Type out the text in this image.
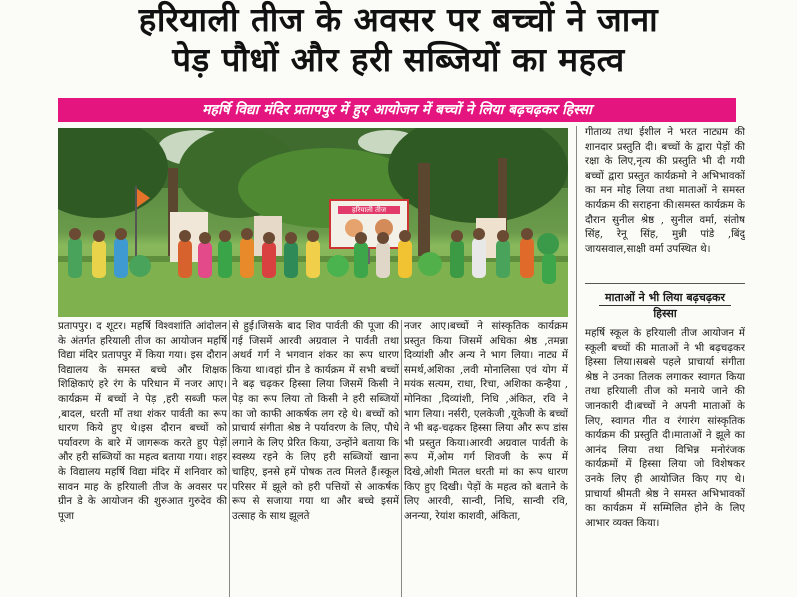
हरियाली तीज के अवसर पर बच्चों ने जाना
पेड़ पौधों और हरी सब्जियों का महत्व
महर्षि विद्या मंदिर प्रतापपुर में हुए आयोजन में बच्चों ने लिया बढ़चढ़कर हिस्सा
हरियाली तीज

प्रतापपुर। द शूटर। महर्षि विश्वशांति आंदोलन के अंतर्गत हरियाली तीज का आयोजन महर्षि विद्या मंदिर प्रतापपुर में किया गया। इस दौरान विद्यालय के समस्त बच्चे और शिक्षक शिक्षिकाएं हरे रंग के परिधान में नजर आए।कार्यक्रम में बच्चों ने पेड़ ,हरी सब्जी फल ,बादल, धरती माँ तथा शंकर पार्वती का रूप धारण किये हुए थे।इस दौरान बच्चों को पर्यावरण के बारे में जागरूक करते हुए पेड़ों और हरी सब्जियों का महत्व बताया गया। शहर के विद्यालय महर्षि विद्या मंदिर में शनिवार को सावन माह के हरियाली तीज के अवसर पर ग्रीन डे के आयोजन की शुरुआत गुरुदेव की पूजा

से हुई।जिसके बाद शिव पार्वती की पूजा की गई जिसमें आरवी अग्रवाल ने पार्वती तथा अथर्व गर्ग ने भगवान शंकर का रूप धारण किया था।वहां ग्रीन डे कार्यक्रम में सभी बच्चों ने बढ़ चढ़कर हिस्सा लिया जिसमें किसी ने पेड़ का रूप लिया तो किसी ने हरी सब्जियों का जो काफी आकर्षक लग रहे थे। बच्चों को प्राचार्य संगीता श्रेष्ठ ने पर्यावरण के लिए, पौधे लगाने के लिए प्रेरित किया, उन्होंने बताया कि स्वस्थ्य रहने के लिए हरी सब्जियों खाना चाहिए, इनसे हमें पोषक तत्व मिलते हैं।स्कूल परिसर में झूले को हरी पत्तियों से आकर्षक रूप से सजाया गया था और बच्चे इसमें उत्साह के साथ झूलते

नजर आए।बच्चों ने सांस्कृतिक कार्यक्रम प्रस्तुत किया जिसमें अधिका श्रेष्ठ ,तमन्ना दिव्यांशी और अन्य ने भाग लिया। नाट्य में समर्थ,अशिका ,लवी मोनालिसा एवं योग में मयंक सत्यम, राधा, रिचा, अशिका कन्हैया , मोनिका ,दिव्यांशी, निधि ,अंकित, रवि ने भाग लिया। नर्सरी, एलकेजी ,यूकेजी के बच्चों ने भी बढ़-चढ़कर हिस्सा लिया और रूप डांस भी प्रस्तुत किया।आरवी अग्रवाल पार्वती के रूप में,ओम गर्ग शिवजी के रूप में दिखे,ओशी मितल धरती मां का रूप धारण किए हुए दिखी। पेड़ों के महत्व को बताने के लिए आरवी, सान्वी, निधि, सान्वी रवि, अनन्या, रेयांश काशवी, अंकिता,

गीताव्य तथा ईशील ने भरत नाट्यम की शानदार प्रस्तुति दी। बच्चों के द्वारा पेड़ों की रक्षा के लिए,नृत्य की प्रस्तुति भी दी गयी बच्चों द्वारा प्रस्तुत कार्यक्रमो ने अभिभावकों का मन मोह लिया तथा माताओं ने समस्त कार्यक्रम की सराहना की।समस्त कार्यक्रम के दौरान सुनील श्रेष्ठ , सुनील वर्मा, संतोष सिंह, रेनू सिंह, मुन्नी पांडे ,बिंदु जायसवाल,साक्षी वर्मा उपस्थित थे।

माताओं ने भी लिया बढ़चढ़कर
हिस्सा

महर्षि स्कूल के हरियाली तीज आयोजन में स्कूली बच्चों की माताओं ने भी बढ़चढ़कर हिस्सा लिया।सबसे पहले प्राचार्या संगीता श्रेष्ठ ने उनका तिलक लगाकर स्वागत किया तथा हरियाली तीज को मनाये जाने की जानकारी दी।बच्चों ने अपनी माताओं के लिए, स्वागत गीत व रंगारंग सांस्कृतिक कार्यक्रम की प्रस्तुति दी।माताओं ने झूले का आनंद लिया तथा विभिन्न मनोरंजक कार्यक्रमों में हिस्सा लिया जो विशेषकर उनके लिए ही आयोजित किए गए थे। प्राचार्या श्रीमती श्रेष्ठ ने समस्त अभिभावकों का कार्यक्रम में सम्मिलित होने के लिए आभार व्यक्त किया।
